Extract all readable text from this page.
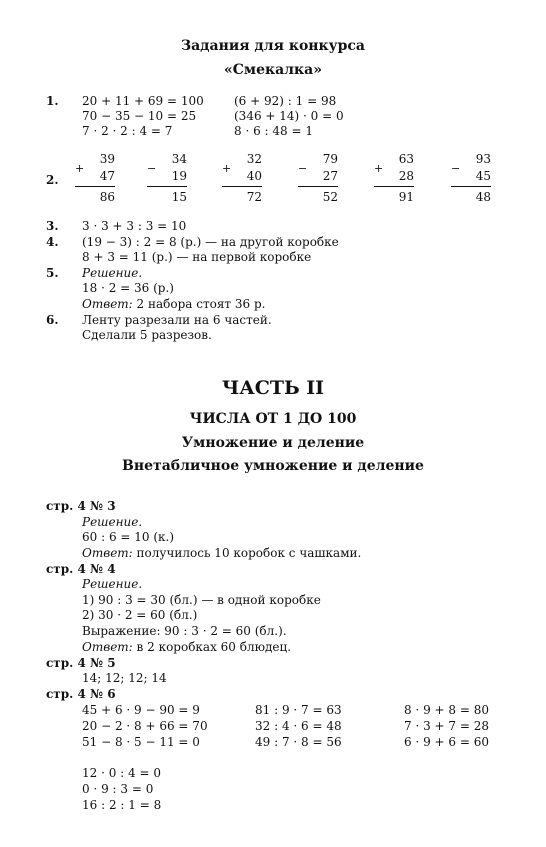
Задания для конкурса
«Смекалка»
1. 20 + 11 + 69 = 100
70 − 35 − 10 = 25
7 · 2 · 2 : 4 = 7
(6 + 92) : 1 = 98
(346 + 14) · 0 = 0
8 · 6 : 48 = 1
2.
+
39
47
86
−
34
19
15
+
32
40
72
−
79
27
52
+
63
28
91
−
93
45
48
3. 3 · 3 + 3 : 3 = 10
4. (19 − 3) : 2 = 8 (р.) — на другой коробке
8 + 3 = 11 (р.) — на первой коробке
5. Решение.
18 · 2 = 36 (р.)
Ответ: 2 набора стоят 36 р.
6. Ленту разрезали на 6 частей.
Сделали 5 разрезов.
ЧАСТЬ II
ЧИСЛА ОТ 1 ДО 100
Умножение и деление
Внетабличное умножение и деление
стр. 4 № 3
Решение.
60 : 6 = 10 (к.)
Ответ: получилось 10 коробок с чашками.
стр. 4 № 4
Решение.
1) 90 : 3 = 30 (бл.) — в одной коробке
2) 30 · 2 = 60 (бл.)
Выражение: 90 : 3 · 2 = 60 (бл.).
Ответ: в 2 коробках 60 блюдец.
стр. 4 № 5
14; 12; 12; 14
стр. 4 № 6
45 + 6 · 9 − 90 = 9
20 − 2 · 8 + 66 = 70
51 − 8 · 5 − 11 = 0
81 : 9 · 7 = 63
32 : 4 · 6 = 48
49 : 7 · 8 = 56
8 · 9 + 8 = 80
7 · 3 + 7 = 28
6 · 9 + 6 = 60
12 · 0 : 4 = 0
0 · 9 : 3 = 0
16 : 2 : 1 = 8
